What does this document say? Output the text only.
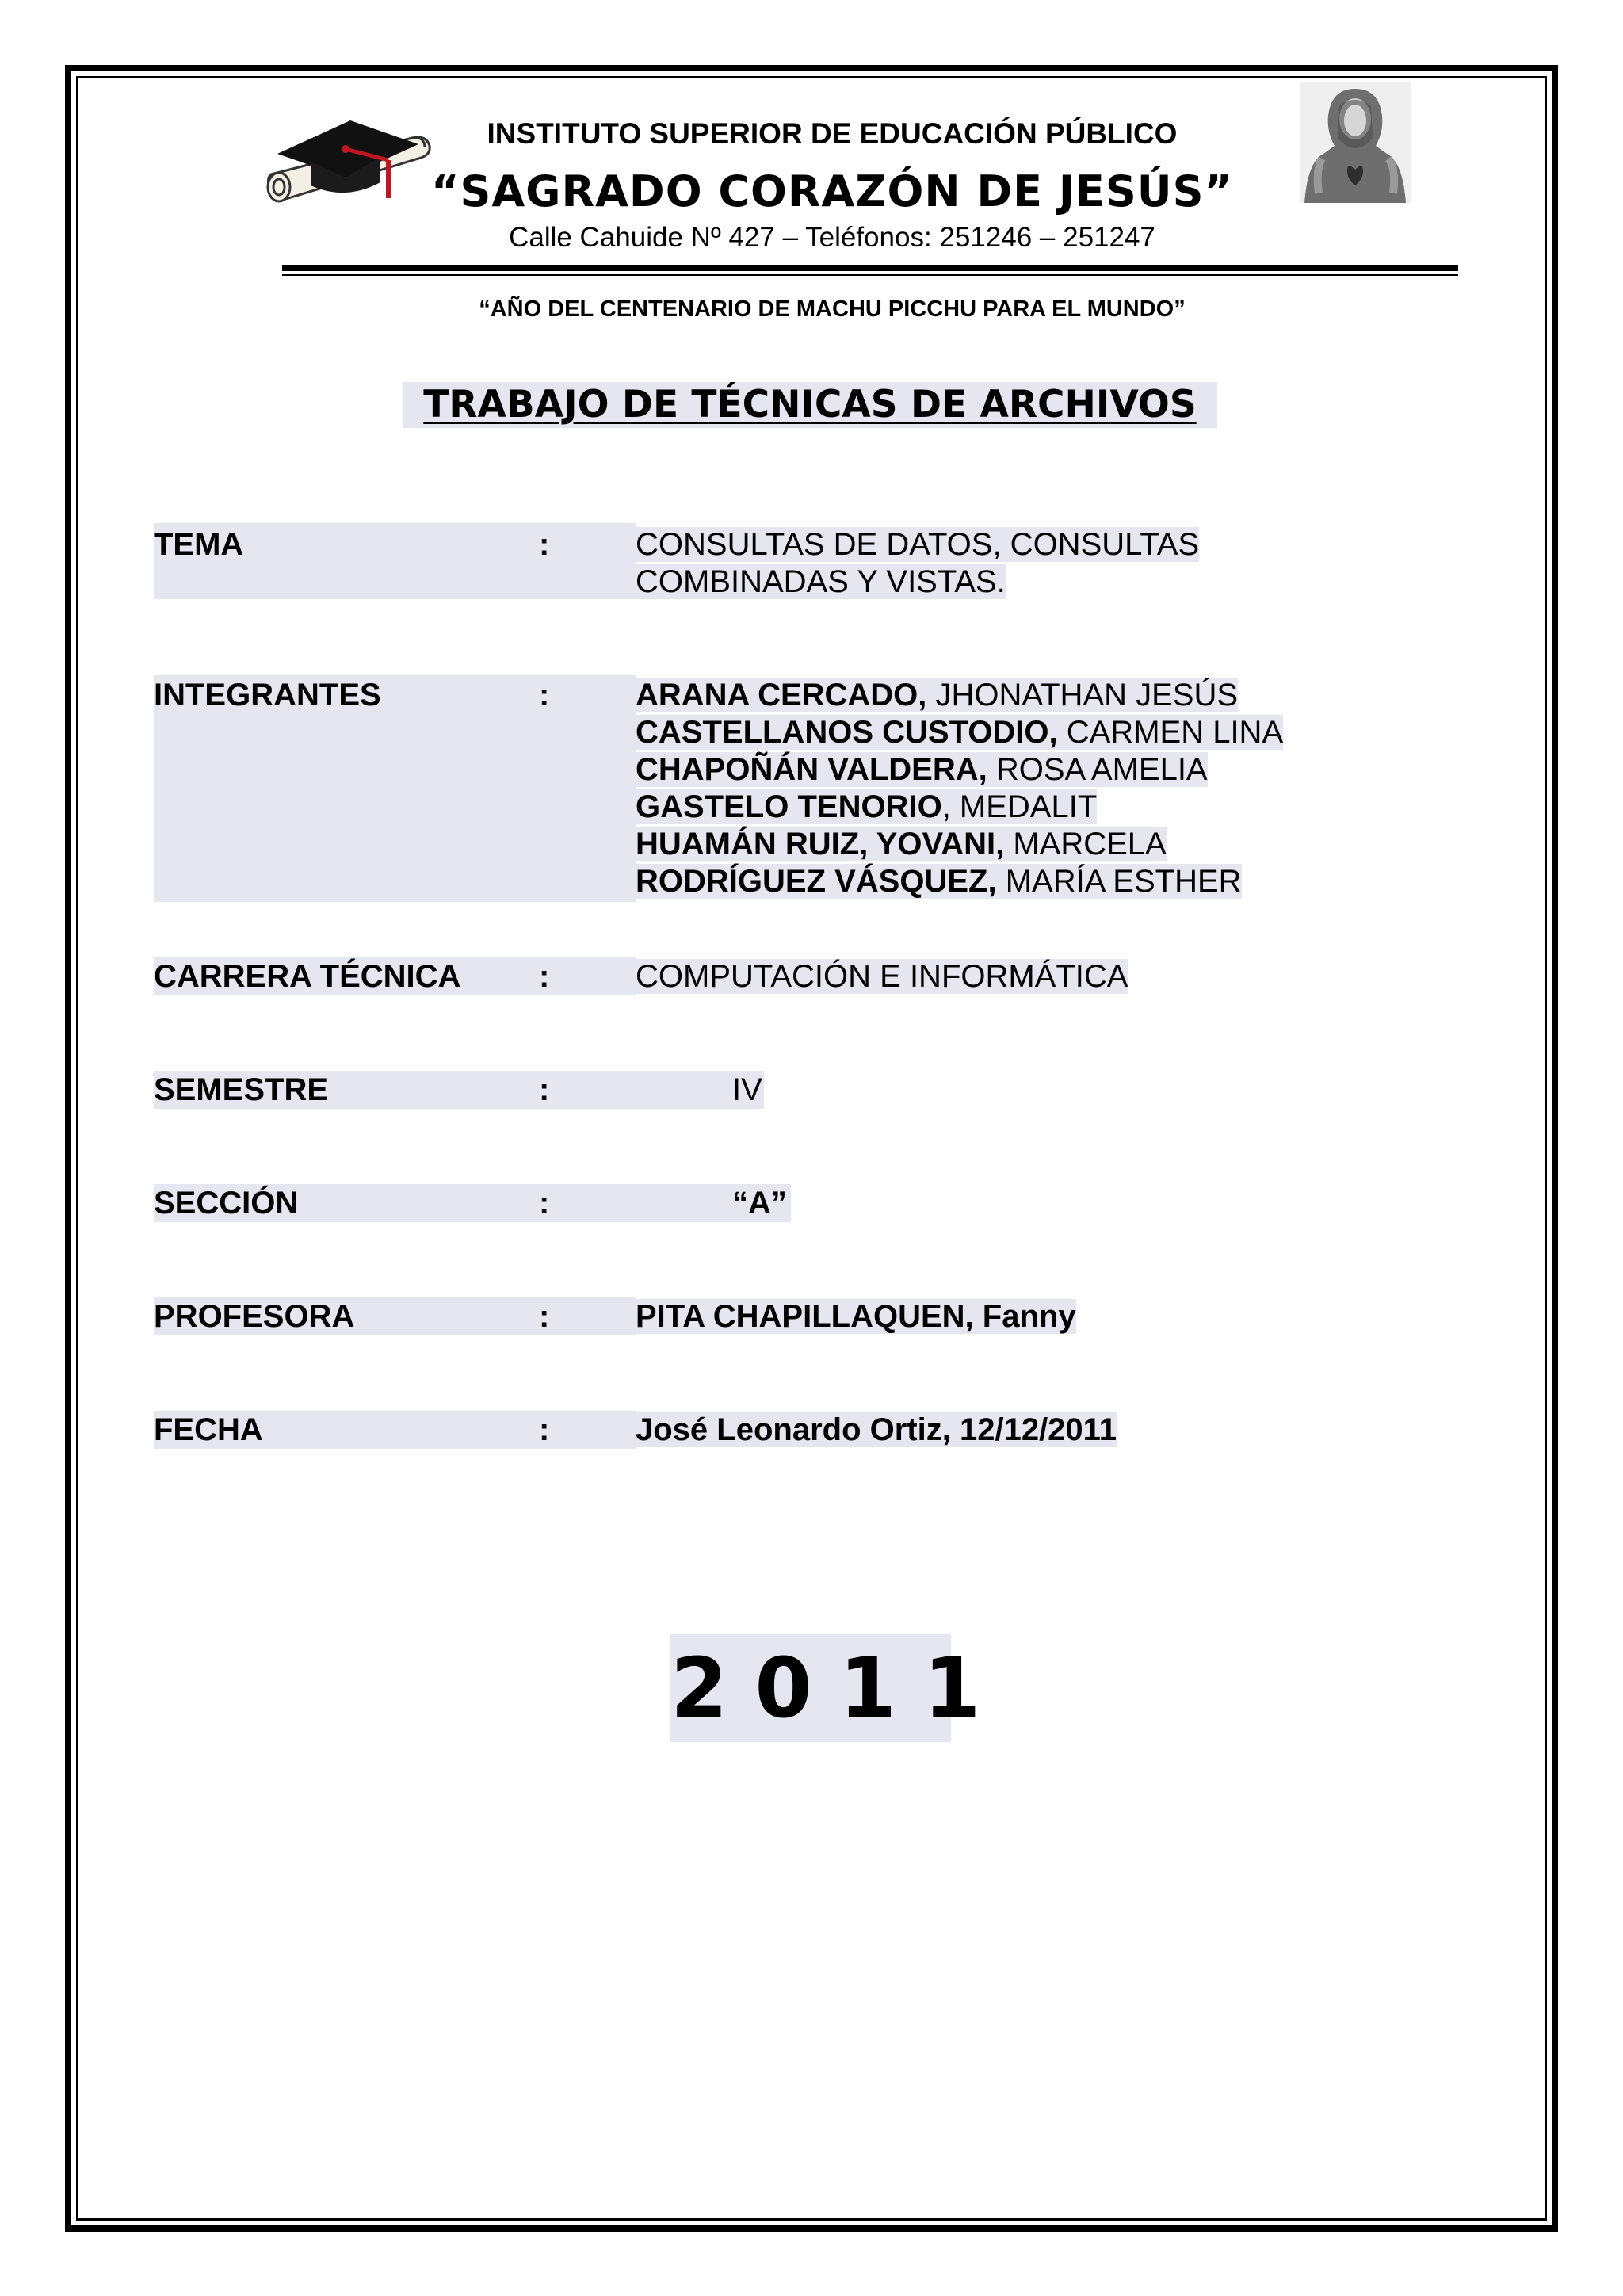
INSTITUTO SUPERIOR DE EDUCACIÓN PÚBLICO
“SAGRADO CORAZÓN DE JESÚS”
Calle Cahuide Nº 427 – Teléfonos: 251246 – 251247
“AÑO DEL CENTENARIO DE MACHU PICCHU PARA EL MUNDO”
TRABAJO DE TÉCNICAS DE ARCHIVOS
TEMA	:	CONSULTAS DE DATOS, CONSULTAS
COMBINADAS Y VISTAS.
INTEGRANTES	:	ARANA CERCADO, JHONATHAN JESÚS
CASTELLANOS CUSTODIO, CARMEN LINA
CHAPOÑÁN VALDERA, ROSA AMELIA
GASTELO TENORIO, MEDALIT
HUAMÁN RUIZ, YOVANI, MARCELA
RODRÍGUEZ VÁSQUEZ, MARÍA ESTHER
CARRERA TÉCNICA :	COMPUTACIÓN E INFORMÁTICA
SEMESTRE	:	IV
SECCIÓN	:	“A”
PROFESORA	:	PITA CHAPILLAQUEN, Fanny
FECHA	:	José Leonardo Ortiz, 12/12/2011
2011
